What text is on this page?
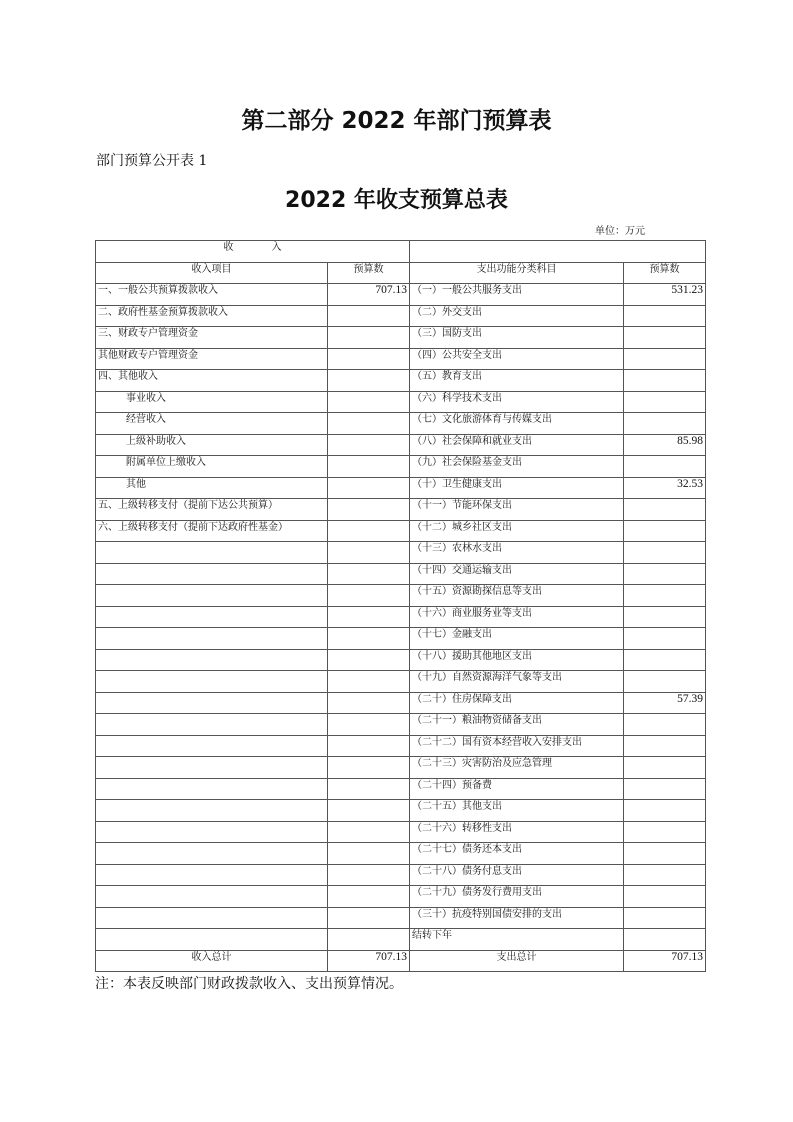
第二部分 2022 年部门预算表
部门预算公开表 1
2022 年收支预算总表
单位：万元
收入			
收入项目	预算数	支出功能分类科目	预算数
一、一般公共预算拨款收入	707.13	（一）一般公共服务支出	531.23
二、政府性基金预算拨款收入		（二）外交支出	
三、财政专户管理资金		（三）国防支出	
其他财政专户管理资金		（四）公共安全支出	
四、其他收入		（五）教育支出	
事业收入		（六）科学技术支出	
经营收入		（七）文化旅游体育与传媒支出	
上级补助收入		（八）社会保障和就业支出	85.98
附属单位上缴收入		（九）社会保险基金支出	
其他		（十）卫生健康支出	32.53
五、上级转移支付（提前下达公共预算）		（十一）节能环保支出	
六、上级转移支付（提前下达政府性基金）		（十二）城乡社区支出	
		（十三）农林水支出	
		（十四）交通运输支出	
		（十五）资源勘探信息等支出	
		（十六）商业服务业等支出	
		（十七）金融支出	
		（十八）援助其他地区支出	
		（十九）自然资源海洋气象等支出	
		（二十）住房保障支出	57.39
		（二十一）粮油物资储备支出	
		（二十二）国有资本经营收入安排支出	
		（二十三）灾害防治及应急管理	
		（二十四）预备费	
		（二十五）其他支出	
		（二十六）转移性支出	
		（二十七）债务还本支出	
		（二十八）债务付息支出	
		（二十九）债务发行费用支出	
		（三十）抗疫特别国债安排的支出	
		结转下年	
收入总计	707.13	支出总计	707.13
注：本表反映部门财政拨款收入、支出预算情况。
